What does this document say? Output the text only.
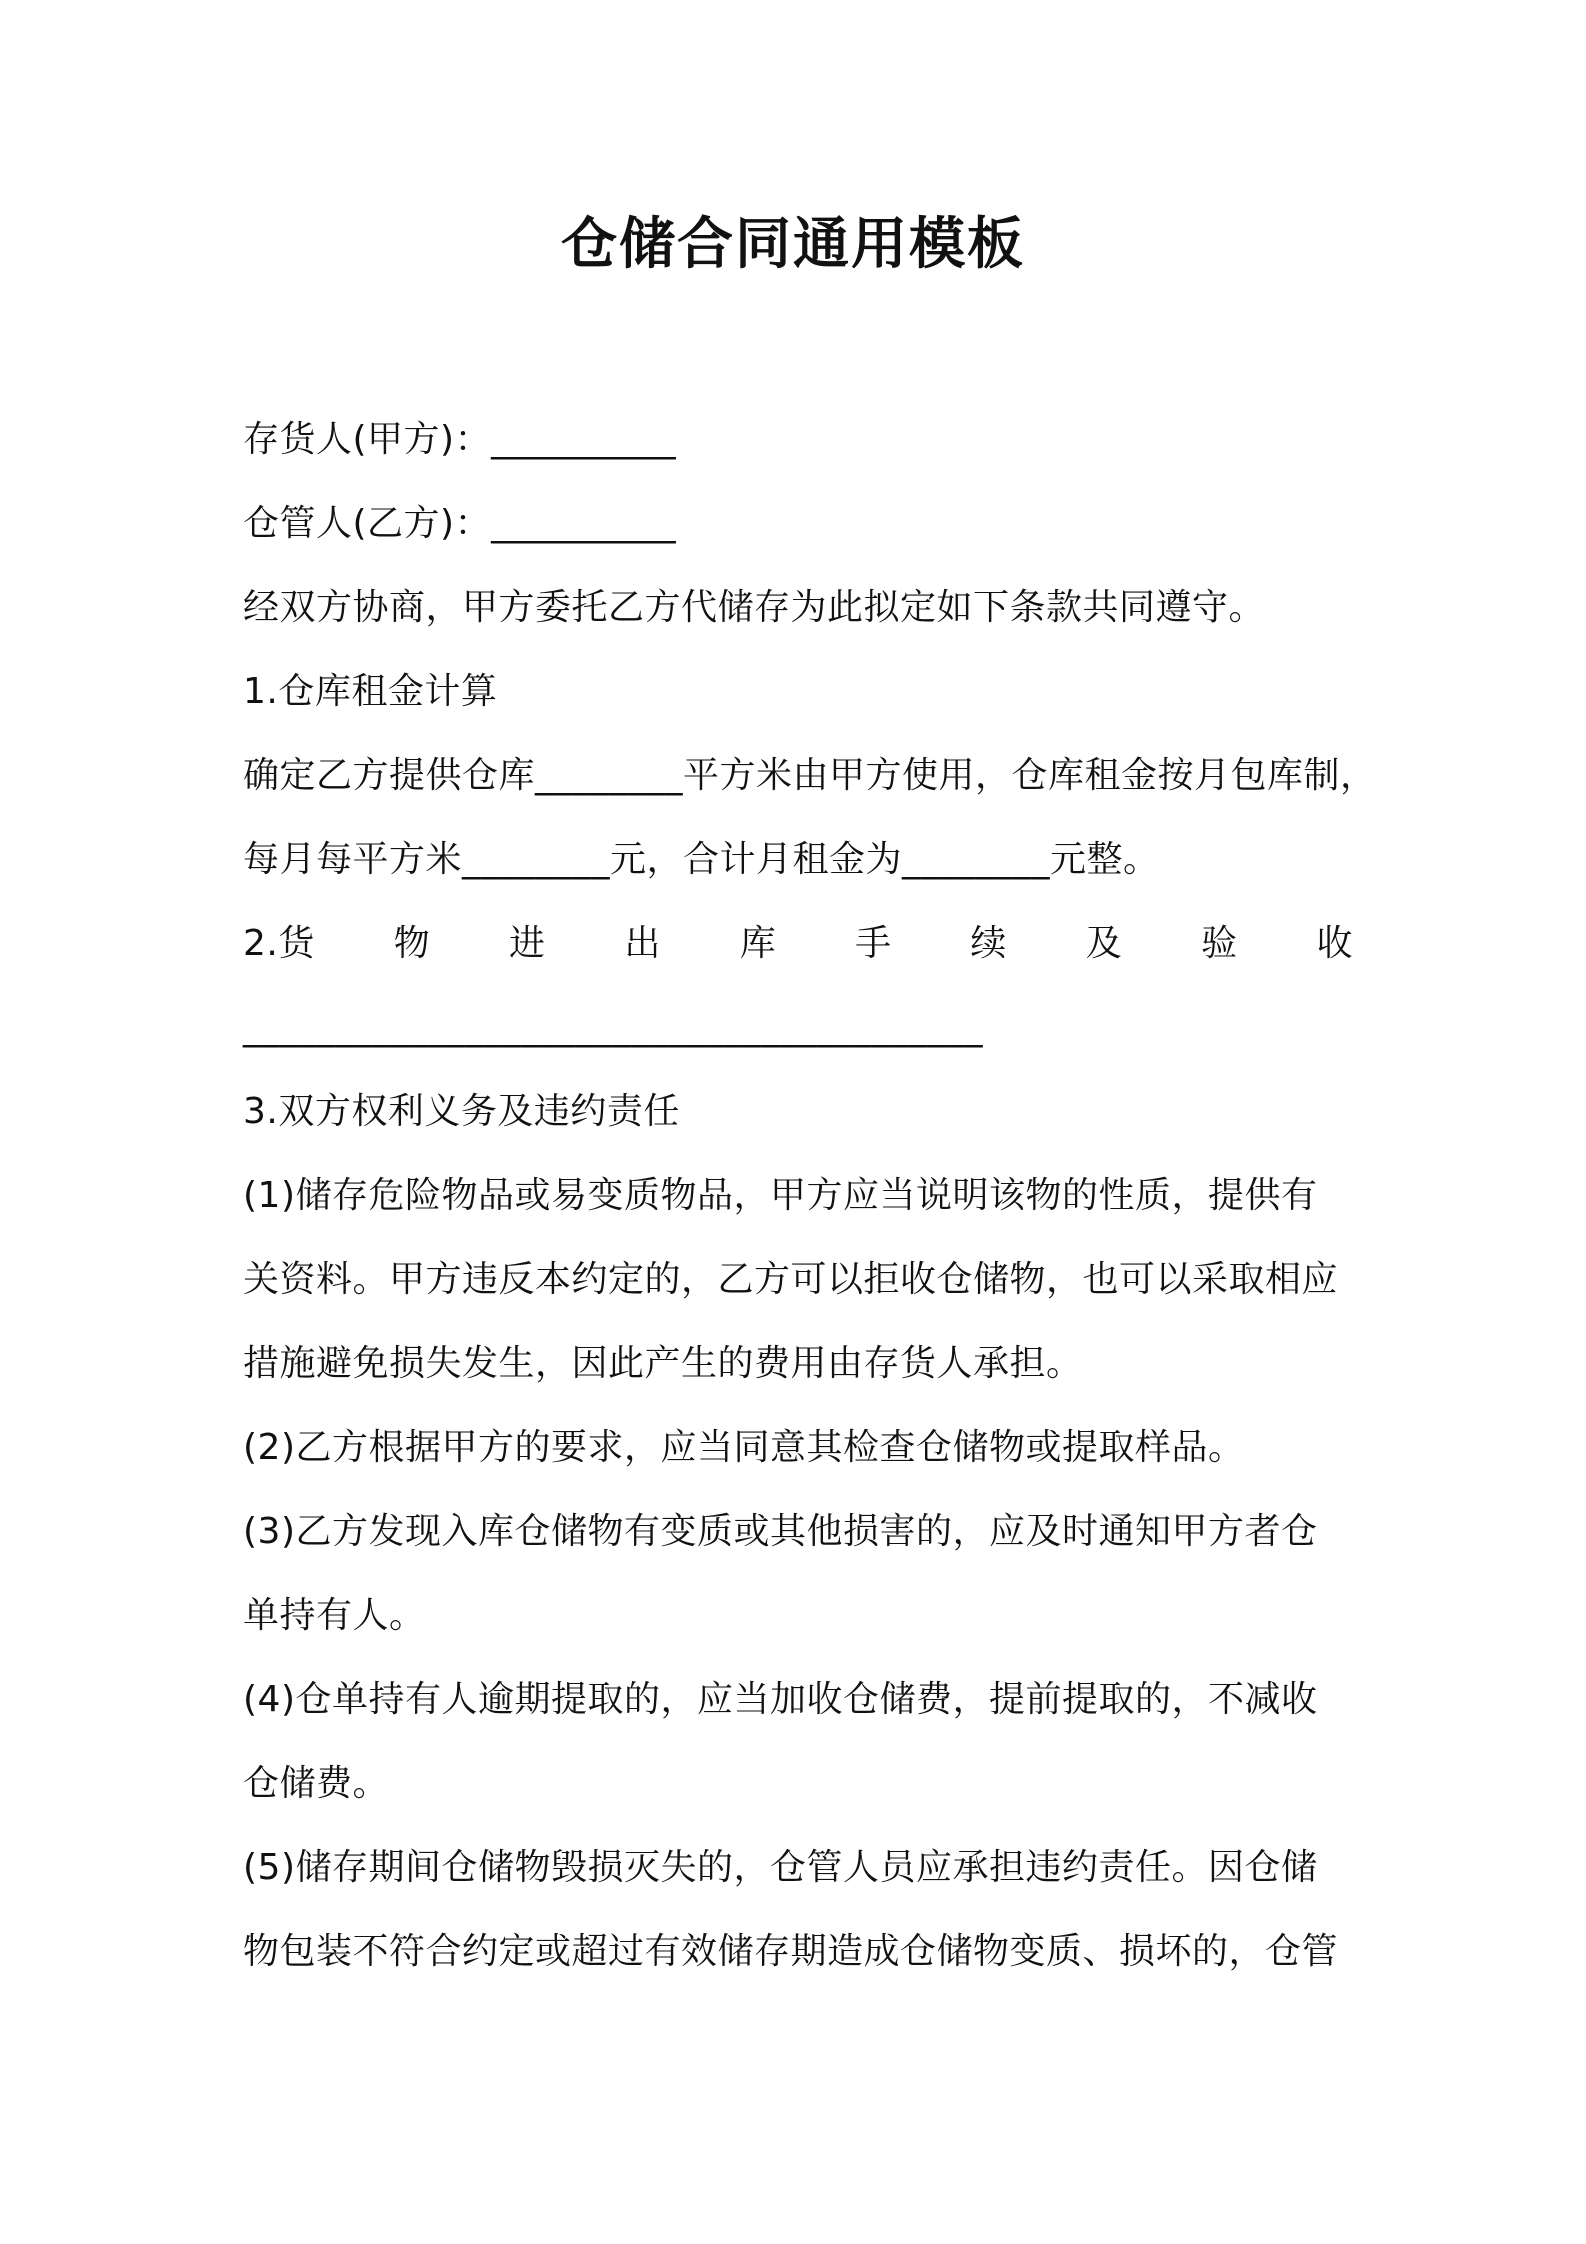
仓储合同通用模板
存货人(甲方)：__________
仓管人(乙方)：__________
经双方协商，甲方委托乙方代储存为此拟定如下条款共同遵守。
1.仓库租金计算
确定乙方提供仓库________平方米由甲方使用，仓库租金按月包库制，
每月每平方米________元，合计月租金为________元整。
2.货 物 进 出 库 手 续 及 验 收
________________________________________
3.双方权利义务及违约责任
(1)储存危险物品或易变质物品，甲方应当说明该物的性质，提供有
关资料。甲方违反本约定的，乙方可以拒收仓储物，也可以采取相应
措施避免损失发生，因此产生的费用由存货人承担。
(2)乙方根据甲方的要求，应当同意其检查仓储物或提取样品。
(3)乙方发现入库仓储物有变质或其他损害的，应及时通知甲方者仓
单持有人。
(4)仓单持有人逾期提取的，应当加收仓储费，提前提取的，不减收
仓储费。
(5)储存期间仓储物毁损灭失的，仓管人员应承担违约责任。因仓储
物包装不符合约定或超过有效储存期造成仓储物变质、损坏的，仓管
